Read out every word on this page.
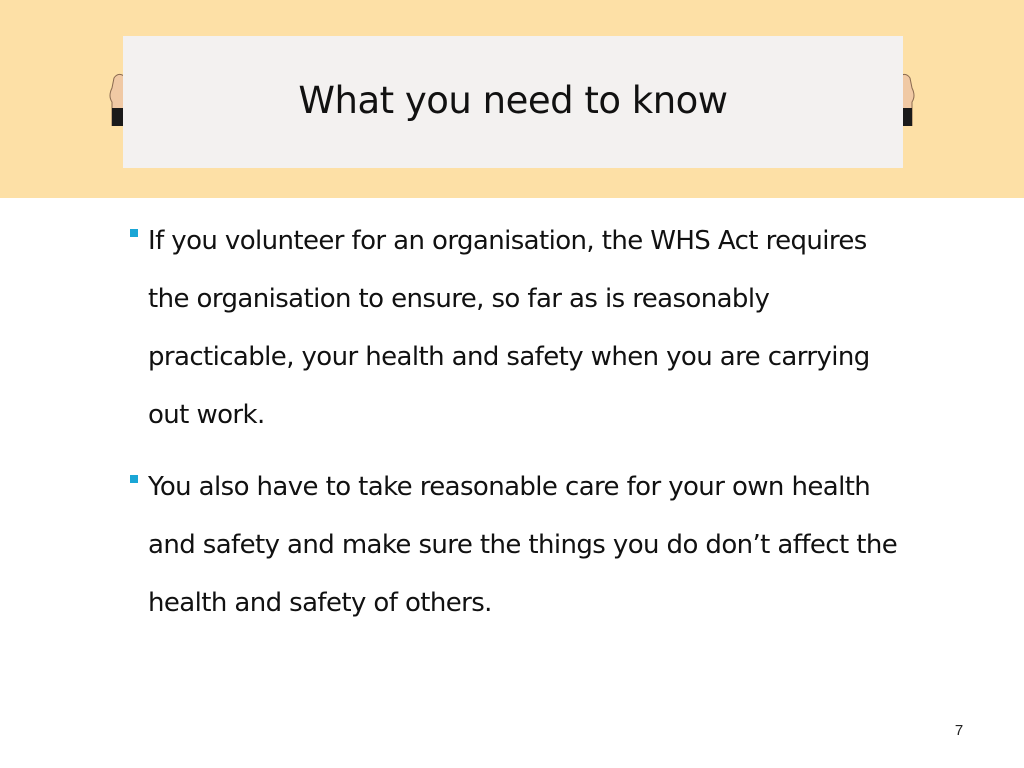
What you need to know
If you volunteer for an organisation, the WHS Act requires the organisation to ensure, so far as is reasonably practicable, your health and safety when you are carrying out work.
You also have to take reasonable care for your own health and safety and make sure the things you do don’t affect the health and safety of others.
7
